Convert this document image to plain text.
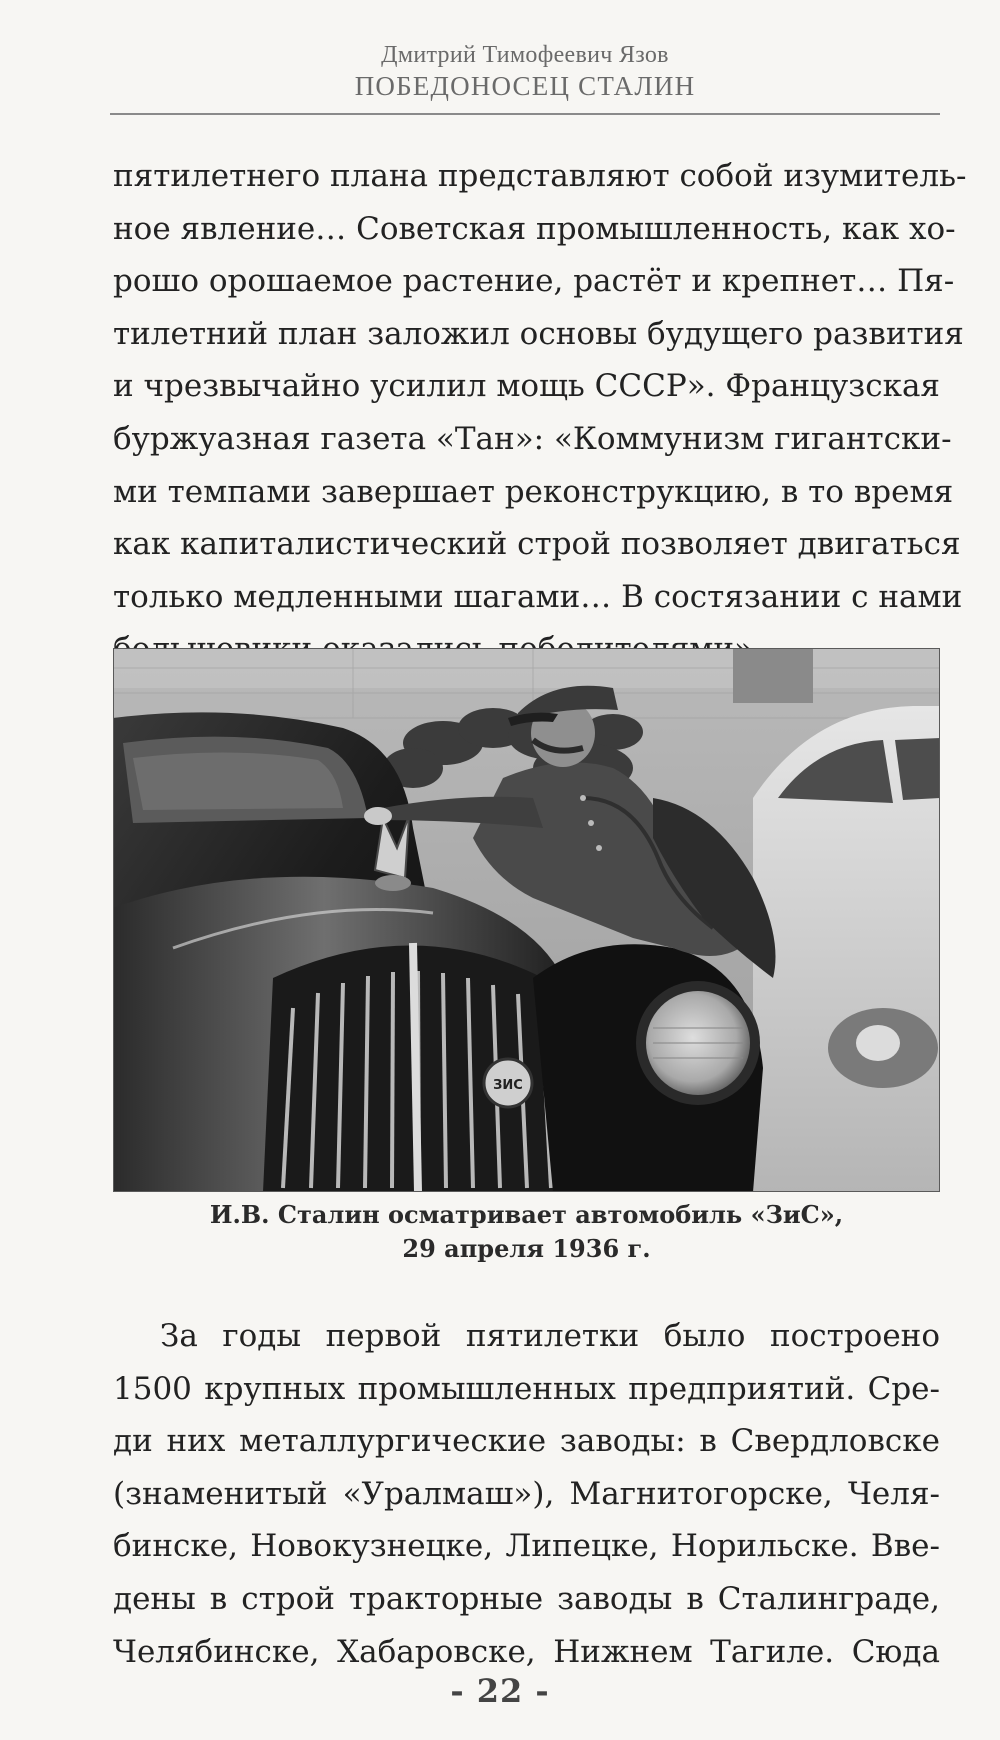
Дмитрий Тимофеевич Язов
ПОБЕДОНОСЕЦ СТАЛИН
пятилетнего плана представляют собой изумитель-
ное явление… Советская промышленность, как хо-
рошо орошаемое растение, растёт и крепнет… Пя-
тилетний план заложил основы будущего развития
и чрезвычайно усилил мощь СССР». Французская
буржуазная газета «Тан»: «Коммунизм гигантски-
ми темпами завершает реконструкцию, в то время
как капиталистический строй позволяет двигаться
только медленными шагами… В состязании с нами
ЗИС
И.В. Сталин осматривает автомобиль «ЗиС»,
29 апреля 1936 г.
За годы первой пятилетки было построено
1500 крупных промышленных предприятий. Сре-
ди них металлургические заводы: в Свердловске
(знаменитый «Уралмаш»), Магнитогорске, Челя-
бинске, Новокузнецке, Липецке, Норильске. Вве-
дены в строй тракторные заводы в Сталинграде,
Челябинске, Хабаровске, Нижнем Тагиле. Сюда
- 22 -
